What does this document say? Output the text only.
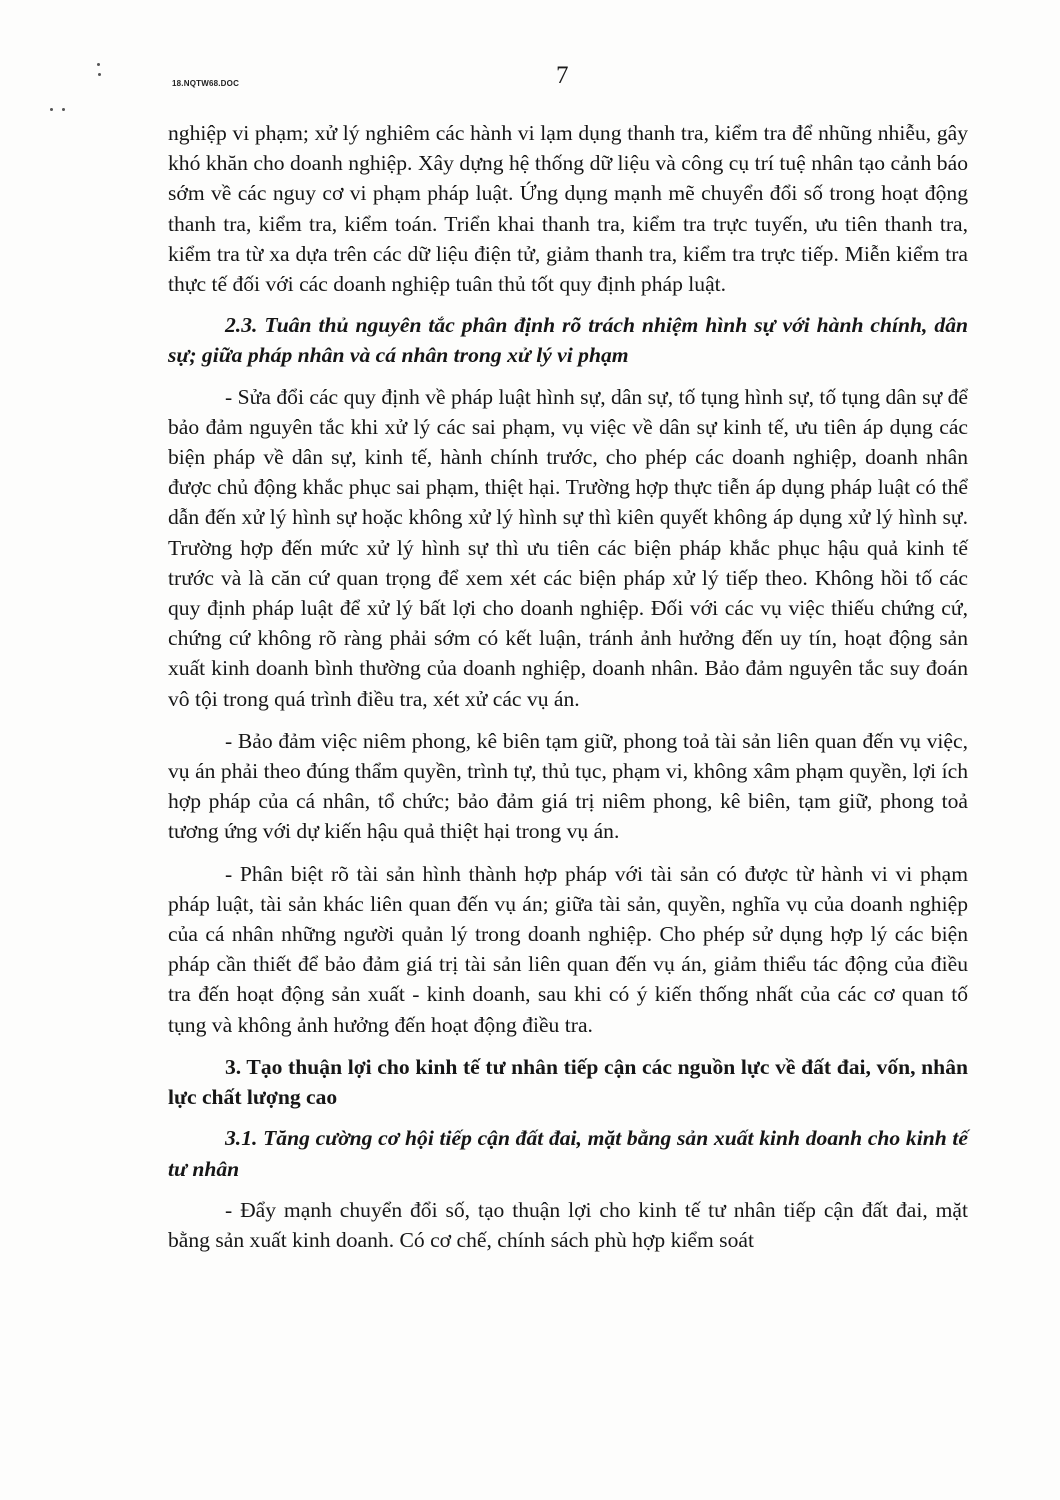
18.NQTW68.DOC	7

nghiệp vi phạm; xử lý nghiêm các hành vi lạm dụng thanh tra, kiểm tra để nhũng nhiễu, gây khó khăn cho doanh nghiệp. Xây dựng hệ thống dữ liệu và công cụ trí tuệ nhân tạo cảnh báo sớm về các nguy cơ vi phạm pháp luật. Ứng dụng mạnh mẽ chuyển đổi số trong hoạt động thanh tra, kiểm tra, kiểm toán. Triển khai thanh tra, kiểm tra trực tuyến, ưu tiên thanh tra, kiểm tra từ xa dựa trên các dữ liệu điện tử, giảm thanh tra, kiểm tra trực tiếp. Miễn kiểm tra thực tế đối với các doanh nghiệp tuân thủ tốt quy định pháp luật.

2.3. Tuân thủ nguyên tắc phân định rõ trách nhiệm hình sự với hành chính, dân sự; giữa pháp nhân và cá nhân trong xử lý vi phạm

- Sửa đổi các quy định về pháp luật hình sự, dân sự, tố tụng hình sự, tố tụng dân sự để bảo đảm nguyên tắc khi xử lý các sai phạm, vụ việc về dân sự kinh tế, ưu tiên áp dụng các biện pháp về dân sự, kinh tế, hành chính trước, cho phép các doanh nghiệp, doanh nhân được chủ động khắc phục sai phạm, thiệt hại. Trường hợp thực tiễn áp dụng pháp luật có thể dẫn đến xử lý hình sự hoặc không xử lý hình sự thì kiên quyết không áp dụng xử lý hình sự. Trường hợp đến mức xử lý hình sự thì ưu tiên các biện pháp khắc phục hậu quả kinh tế trước và là căn cứ quan trọng để xem xét các biện pháp xử lý tiếp theo. Không hồi tố các quy định pháp luật để xử lý bất lợi cho doanh nghiệp. Đối với các vụ việc thiếu chứng cứ, chứng cứ không rõ ràng phải sớm có kết luận, tránh ảnh hưởng đến uy tín, hoạt động sản xuất kinh doanh bình thường của doanh nghiệp, doanh nhân. Bảo đảm nguyên tắc suy đoán vô tội trong quá trình điều tra, xét xử các vụ án.

- Bảo đảm việc niêm phong, kê biên tạm giữ, phong toả tài sản liên quan đến vụ việc, vụ án phải theo đúng thẩm quyền, trình tự, thủ tục, phạm vi, không xâm phạm quyền, lợi ích hợp pháp của cá nhân, tổ chức; bảo đảm giá trị niêm phong, kê biên, tạm giữ, phong toả tương ứng với dự kiến hậu quả thiệt hại trong vụ án.

- Phân biệt rõ tài sản hình thành hợp pháp với tài sản có được từ hành vi vi phạm pháp luật, tài sản khác liên quan đến vụ án; giữa tài sản, quyền, nghĩa vụ của doanh nghiệp của cá nhân những người quản lý trong doanh nghiệp. Cho phép sử dụng hợp lý các biện pháp cần thiết để bảo đảm giá trị tài sản liên quan đến vụ án, giảm thiểu tác động của điều tra đến hoạt động sản xuất - kinh doanh, sau khi có ý kiến thống nhất của các cơ quan tố tụng và không ảnh hưởng đến hoạt động điều tra.

3. Tạo thuận lợi cho kinh tế tư nhân tiếp cận các nguồn lực về đất đai, vốn, nhân lực chất lượng cao

3.1. Tăng cường cơ hội tiếp cận đất đai, mặt bằng sản xuất kinh doanh cho kinh tế tư nhân

- Đẩy mạnh chuyển đổi số, tạo thuận lợi cho kinh tế tư nhân tiếp cận đất đai, mặt bằng sản xuất kinh doanh. Có cơ chế, chính sách phù hợp kiểm soát
